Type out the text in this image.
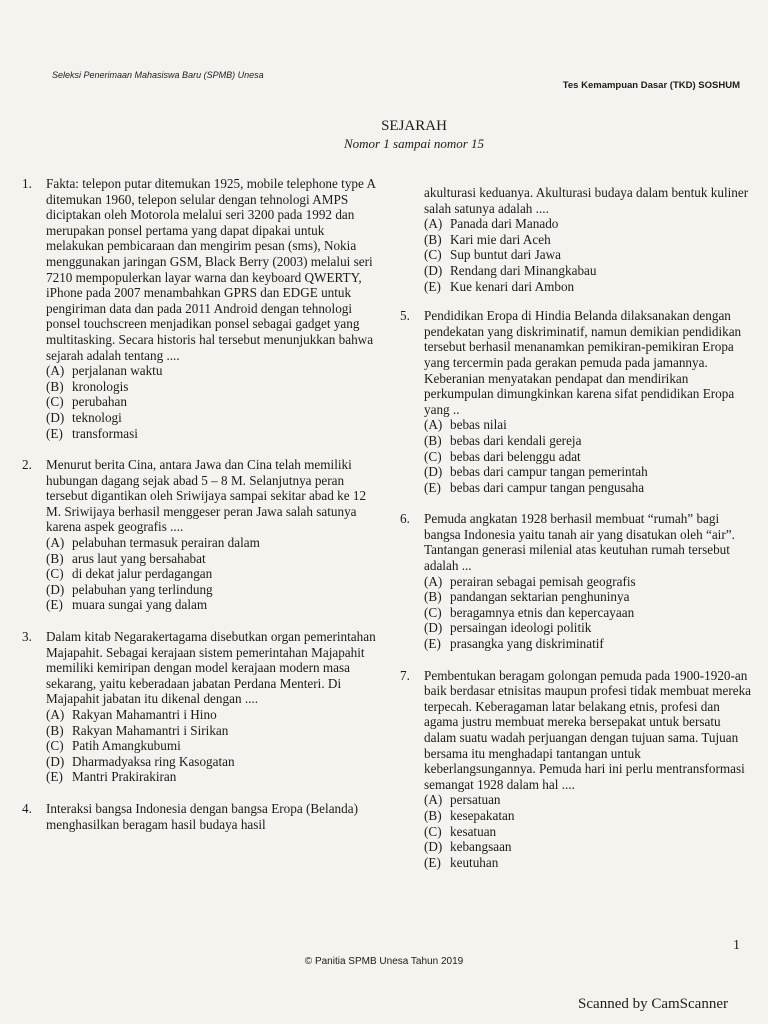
Seleksi Penerimaan Mahasiswa Baru (SPMB) Unesa
Tes Kemampuan Dasar (TKD) SOSHUM
SEJARAH
Nomor 1 sampai nomor 15
1.	Fakta: telepon putar ditemukan 1925, mobile telephone type A ditemukan 1960, telepon selular dengan tehnologi AMPS diciptakan oleh Motorola melalui seri 3200 pada 1992 dan merupakan ponsel pertama yang dapat dipakai untuk melakukan pembicaraan dan mengirim pesan (sms), Nokia menggunakan jaringan GSM, Black Berry (2003) melalui seri 7210 mempopulerkan layar warna dan keyboard QWERTY, iPhone pada 2007 menambahkan GPRS dan EDGE untuk pengiriman data dan pada 2011 Android dengan tehnologi ponsel touchscreen menjadikan ponsel sebagai gadget yang multitasking. Secara historis hal tersebut menunjukkan bahwa sejarah adalah tentang ....
(A) perjalanan waktu
(B) kronologis
(C) perubahan
(D) teknologi
(E) transformasi
2.	Menurut berita Cina, antara Jawa dan Cina telah memiliki hubungan dagang sejak abad 5 – 8 M. Selanjutnya peran tersebut digantikan oleh Sriwijaya sampai sekitar abad ke 12 M. Sriwijaya berhasil menggeser peran Jawa salah satunya karena aspek geografis ....
(A) pelabuhan termasuk perairan dalam
(B) arus laut yang bersahabat
(C) di dekat jalur perdagangan
(D) pelabuhan yang terlindung
(E) muara sungai yang dalam
3.	Dalam kitab Negarakertagama disebutkan organ pemerintahan Majapahit. Sebagai kerajaan sistem pemerintahan Majapahit memiliki kemiripan dengan model kerajaan modern masa sekarang, yaitu keberadaan jabatan Perdana Menteri. Di Majapahit jabatan itu dikenal dengan ....
(A) Rakyan Mahamantri i Hino
(B) Rakyan Mahamantri i Sirikan
(C) Patih Amangkubumi
(D) Dharmadyaksa ring Kasogatan
(E) Mantri Prakirakiran
4.	Interaksi bangsa Indonesia dengan bangsa Eropa (Belanda) menghasilkan beragam hasil budaya hasil
akulturasi keduanya. Akulturasi budaya dalam bentuk kuliner salah satunya adalah ....
(A) Panada dari Manado
(B) Kari mie dari Aceh
(C) Sup buntut dari Jawa
(D) Rendang dari Minangkabau
(E) Kue kenari dari Ambon
5.	Pendidikan Eropa di Hindia Belanda dilaksanakan dengan pendekatan yang diskriminatif, namun demikian pendidikan tersebut berhasil menanamkan pemikiran-pemikiran Eropa yang tercermin pada gerakan pemuda pada jamannya. Keberanian menyatakan pendapat dan mendirikan perkumpulan dimungkinkan karena sifat pendidikan Eropa yang ..
(A) bebas nilai
(B) bebas dari kendali gereja
(C) bebas dari belenggu adat
(D) bebas dari campur tangan pemerintah
(E) bebas dari campur tangan pengusaha
6.	Pemuda angkatan 1928 berhasil membuat “rumah” bagi bangsa Indonesia yaitu tanah air yang disatukan oleh “air”. Tantangan generasi milenial atas keutuhan rumah tersebut adalah ...
(A) perairan sebagai pemisah geografis
(B) pandangan sektarian penghuninya
(C) beragamnya etnis dan kepercayaan
(D) persaingan ideologi politik
(E) prasangka yang diskriminatif
7.	Pembentukan beragam golongan pemuda pada 1900-1920-an baik berdasar etnisitas maupun profesi tidak membuat mereka terpecah. Keberagaman latar belakang etnis, profesi dan agama justru membuat mereka bersepakat untuk bersatu dalam suatu wadah perjuangan dengan tujuan sama. Tujuan bersama itu menghadapi tantangan untuk keberlangsungannya. Pemuda hari ini perlu mentransformasi semangat 1928 dalam hal ....
(A) persatuan
(B) kesepakatan
(C) kesatuan
(D) kebangsaan
(E) keutuhan
1
© Panitia SPMB Unesa Tahun 2019
Scanned by CamScanner
